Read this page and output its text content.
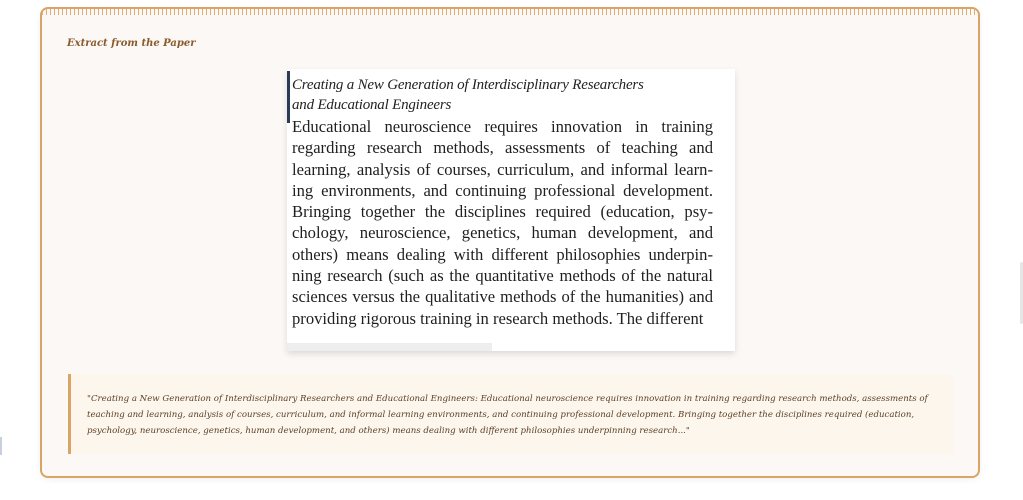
Extract from the Paper
Creating a New Generation of Interdisciplinary Researchers
and Educational Engineers
Educational neuroscience requires innovation in training regarding research methods, assessments of teaching and learning, analysis of courses, curriculum, and informal learn- ing environments, and continuing professional development. Bringing together the disciplines required (education, psy- chology, neuroscience, genetics, human development, and others) means dealing with different philosophies underpin- ning research (such as the quantitative methods of the natural sciences versus the qualitative methods of the humanities) and providing rigorous training in research methods. The different
"Creating a New Generation of Interdisciplinary Researchers and Educational Engineers: Educational neuroscience requires innovation in training regarding research methods, assessments of teaching and learning, analysis of courses, curriculum, and informal learning environments, and continuing professional development. Bringing together the disciplines required (education, psychology, neuroscience, genetics, human development, and others) means dealing with different philosophies underpinning research..."
